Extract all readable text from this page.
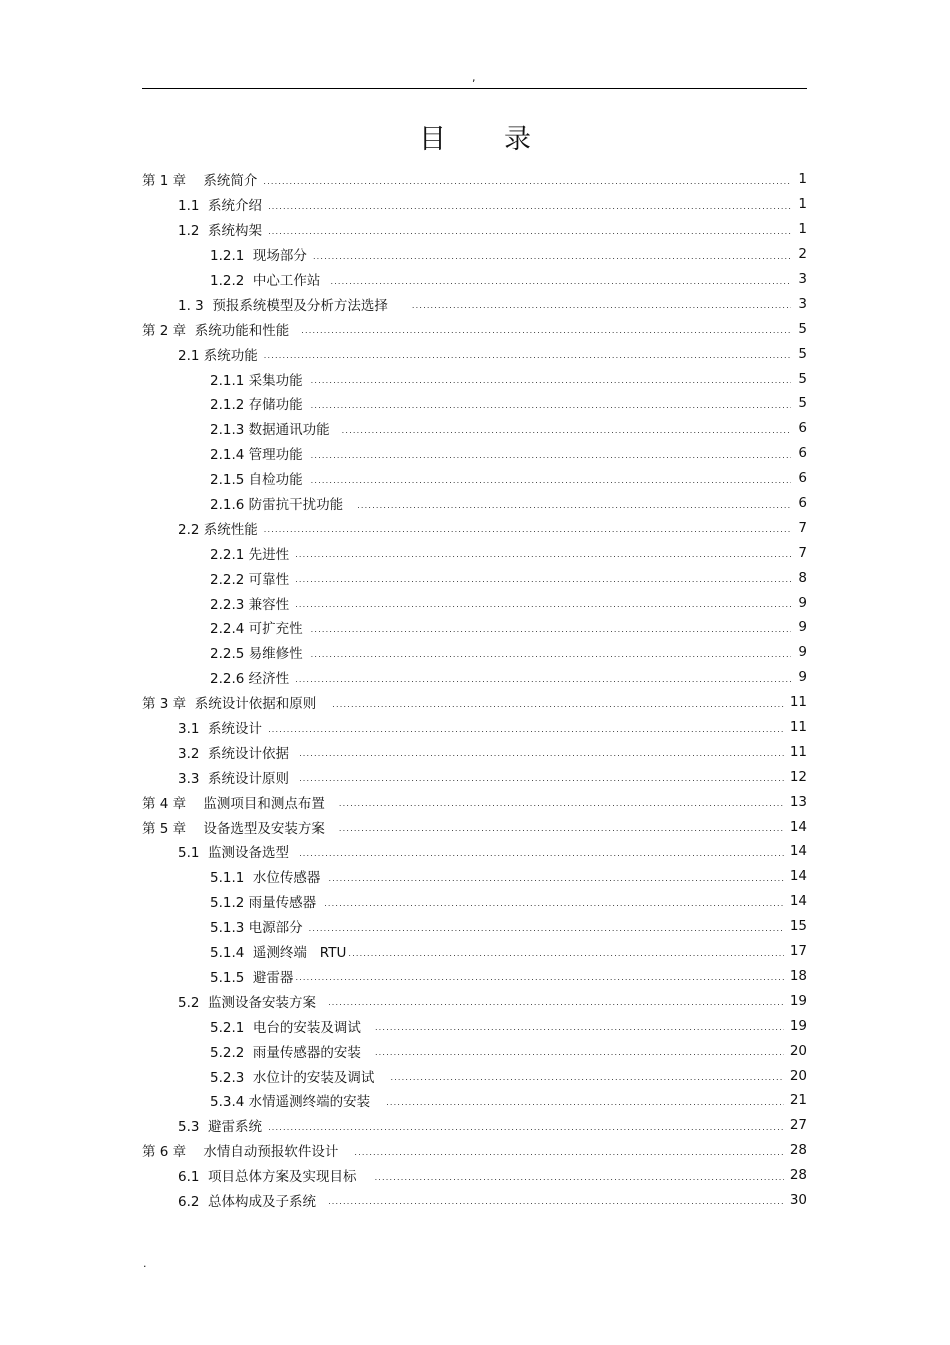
,
目录
第 1 章    系统简介 .....	1
1.1  系统介绍 .....	1
1.2  系统构架 .....	1
1.2.1  现场部分 .....	2
1.2.2  中心工作站 .....	3
1. 3  预报系统模型及分析方法选择 .....	3
第 2 章  系统功能和性能 .....	5
2.1 系统功能 .....	5
2.1.1 采集功能 .....	5
2.1.2 存储功能 .....	5
2.1.3 数据通讯功能 .....	6
2.1.4 管理功能 .....	6
2.1.5 自检功能 .....	6
2.1.6 防雷抗干扰功能 .....	6
2.2 系统性能 .....	7
2.2.1 先进性 .....	7
2.2.2 可靠性 .....	8
2.2.3 兼容性 .....	9
2.2.4 可扩充性 .....	9
2.2.5 易维修性 .....	9
2.2.6 经济性 .....	9
第 3 章  系统设计依据和原则 .....	11
3.1  系统设计 .....	11
3.2  系统设计依据 .....	11
3.3  系统设计原则 .....	12
第 4 章    监测项目和测点布置 .....	13
第 5 章    设备选型及安装方案 .....	14
5.1  监测设备选型 .....	14
5.1.1  水位传感器 .....	14
5.1.2 雨量传感器 .....	14
5.1.3 电源部分 .....	15
5.1.4  遥测终端   RTU .....	17
5.1.5  避雷器 .....	18
5.2  监测设备安装方案 .....	19
5.2.1  电台的安装及调试 .....	19
5.2.2  雨量传感器的安装 .....	20
5.2.3  水位计的安装及调试 .....	20
5.3.4 水情遥测终端的安装 .....	21
5.3  避雷系统 .....	27
第 6 章    水情自动预报软件设计 .....	28
6.1  项目总体方案及实现目标 .....	28
6.2  总体构成及子系统 .....	30
.
